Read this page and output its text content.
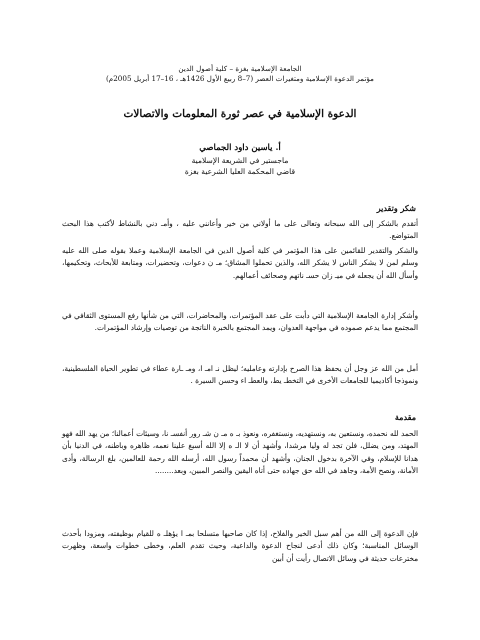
الجامعة الإسلامية بغزة – كلية أصول الدين
مؤتمر الدعوة الإسلامية ومتغيرات العصر (7–8 ربيع الأول 1426هـ ، 16–17 أبريل 2005م)
الدعوة الإسلامية في عصر ثورة المعلومات والاتصالات
أ. ياسين داود الجماصي
ماجستير في الشريعة الإسلامية
قاضي المحكمة العليا الشرعية بغزة
شكر وتقدير
أتقدم بالشكر إلى الله سبحانه وتعالى على ما أولاني من خير وأعانني عليه ، وأمـ دني بالنشاط لأكتب هذا البحث المتواضع.
والشكر والتقدير للقائمين على هذا المؤتمر في كلية أصول الدين في الجامعة الإسلامية وعملا بقوله صلى الله عليه وسلم لمن لا يشكر الناس لا يشكر الله، والذين تحملوا المشاق؛ مـ ن دعوات، وتحضيرات، ومتابعة للأبحاث، وتحكيمها، وأسأل الله أن يجعله في ميـ زان حسـ ناتهم وصحائف أعمالهم.
وأشكر إدارة الجامعة الإسلامية التي دأبت على عقد المؤتمرات، والمحاضرات، التي من شأنها رفع المستوى الثقافي في المجتمع مما يدعم صموده في مواجهة العدوان، ويمد المجتمع بالخبرة الناتجة من توصيات وإرشاد المؤتمرات.
أمل من الله عز وجل أن يحفظ هذا الصرح بإدارته وعامليه؛ ليظل نـ امـ ا، ومـ ـارة عطاء في تطوير الحياة الفلسطينية، ونموذجا أكاديميا للجامعات الأخرى في التخطـ يط، والعطـ اء وحسن السيرة .
مقدمة
الحمد لله نحمده، ونستعين به، ونستهديه، ونستغفره، ونعوذ بـ ه مـ ن شـ رور أنفسـ نا، وسيئات أعمالنا؛ من يهد الله فهو المهتد، ومن يضلل، فلن تجد له وليا مرشدا، وأشهد أن لا الـ ه إلا الله أسبغ علينا نعمه، ظاهره وباطنه، في الدنيا بأن هدانا للإسلام، وفي الآخرة بدخول الجنان، وأشهد أن محمداً رسول الله، أرسله الله رحمة للعالمين، بلغ الرسالة، وأدى الأمانة، ونصح الأمة، وجاهد في الله حق جهاده حتى أتاه اليقين والنصر المبين، وبعد........
فإن الدعوة إلى الله من أهم سبل الخير والفلاح، إذا كان صاحبها متسلحا بمـ ا يؤهلـ ه للقيام بوظيفته، ومزودا بأحدث الوسائل المناسبة؛ وكان ذلك أدعى لنجاح الدعوة والداعية، وحيث تقدم العلم، وخطى خطوات واسعة، وظهرت مخترعات حديثة في وسائل الاتصال رأيت أن أبين
